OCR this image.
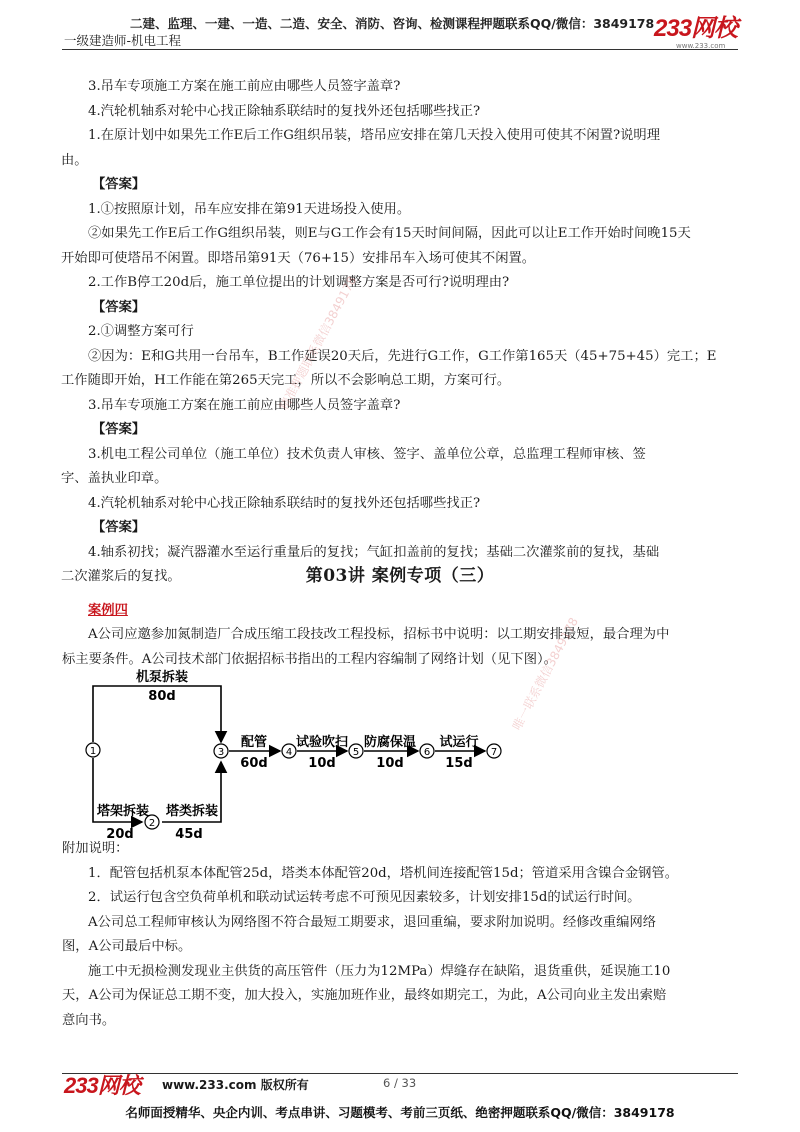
二建、监理、一建、一造、二造、安全、消防、咨询、检测课程押题联系QQ/微信：3849178
一级建造师-机电工程	233网校
www.233.com

3.吊车专项施工方案在施工前应由哪些人员签字盖章?

4.汽轮机轴系对轮中心找正除轴系联结时的复找外还包括哪些找正?

1.在原计划中如果先工作E后工作G组织吊装，塔吊应安排在第几天投入使用可使其不闲置?说明理

由。

【答案】

1.①按照原计划，吊车应安排在第91天进场投入使用。

②如果先工作E后工作G组织吊装，则E与G工作会有15天时间间隔，因此可以让E工作开始时间晚15天

开始即可使塔吊不闲置。即塔吊第91天（76+15）安排吊车入场可使其不闲置。

2.工作B停工20d后，施工单位提出的计划调整方案是否可行?说明理由?

【答案】

2.①调整方案可行

②因为：E和G共用一台吊车，B工作延误20天后，先进行G工作，G工作第165天（45+75+45）完工；E

工作随即开始，H工作能在第265天完工，所以不会影响总工期，方案可行。

3.吊车专项施工方案在施工前应由哪些人员签字盖章?

【答案】

3.机电工程公司单位（施工单位）技术负责人审核、签字、盖单位公章，总监理工程师审核、签

字、盖执业印章。

4.汽轮机轴系对轮中心找正除轴系联结时的复找外还包括哪些找正?

【答案】

4.轴系初找；凝汽器灌水至运行重量后的复找；气缸扣盖前的复找；基础二次灌浆前的复找，基础

二次灌浆后的复找。	第03讲 案例专项（三）
案例四

A公司应邀参加氮制造厂合成压缩工段技改工程投标，招标书中说明：以工期安排最短，最合理为中

标主要条件。A公司技术部门依据招标书指出的工程内容编制了网络计划（见下图）。

1
2
3	4	5	6	7
机泵拆装
80d
配管
60d
试验吹扫
10d
防腐保温
10d
试运行
15d
塔架拆装
20d
塔类拆装
45d

附加说明：

1．配管包括机泵本体配管25d，塔类本体配管20d，塔机间连接配管15d；管道采用含镍合金钢管。

2．试运行包含空负荷单机和联动试运转考虑不可预见因素较多，计划安排15d的试运行时间。

A公司总工程师审核认为网络图不符合最短工期要求，退回重编，要求附加说明。经修改重编网络

图，A公司最后中标。

施工中无损检测发现业主供货的高压管件（压力为12MPa）焊缝存在缺陷，退货重供，延误施工10

天，A公司为保证总工期不变，加大投入，实施加班作业，最终如期完工，为此，A公司向业主发出索赔

意向书。

精准押题联系微信3849178
唯一联系微信3849178
233网校 www.233.com 版权所有	6 / 33
名师面授精华、央企内训、考点串讲、习题模考、考前三页纸、绝密押题联系QQ/微信：3849178
